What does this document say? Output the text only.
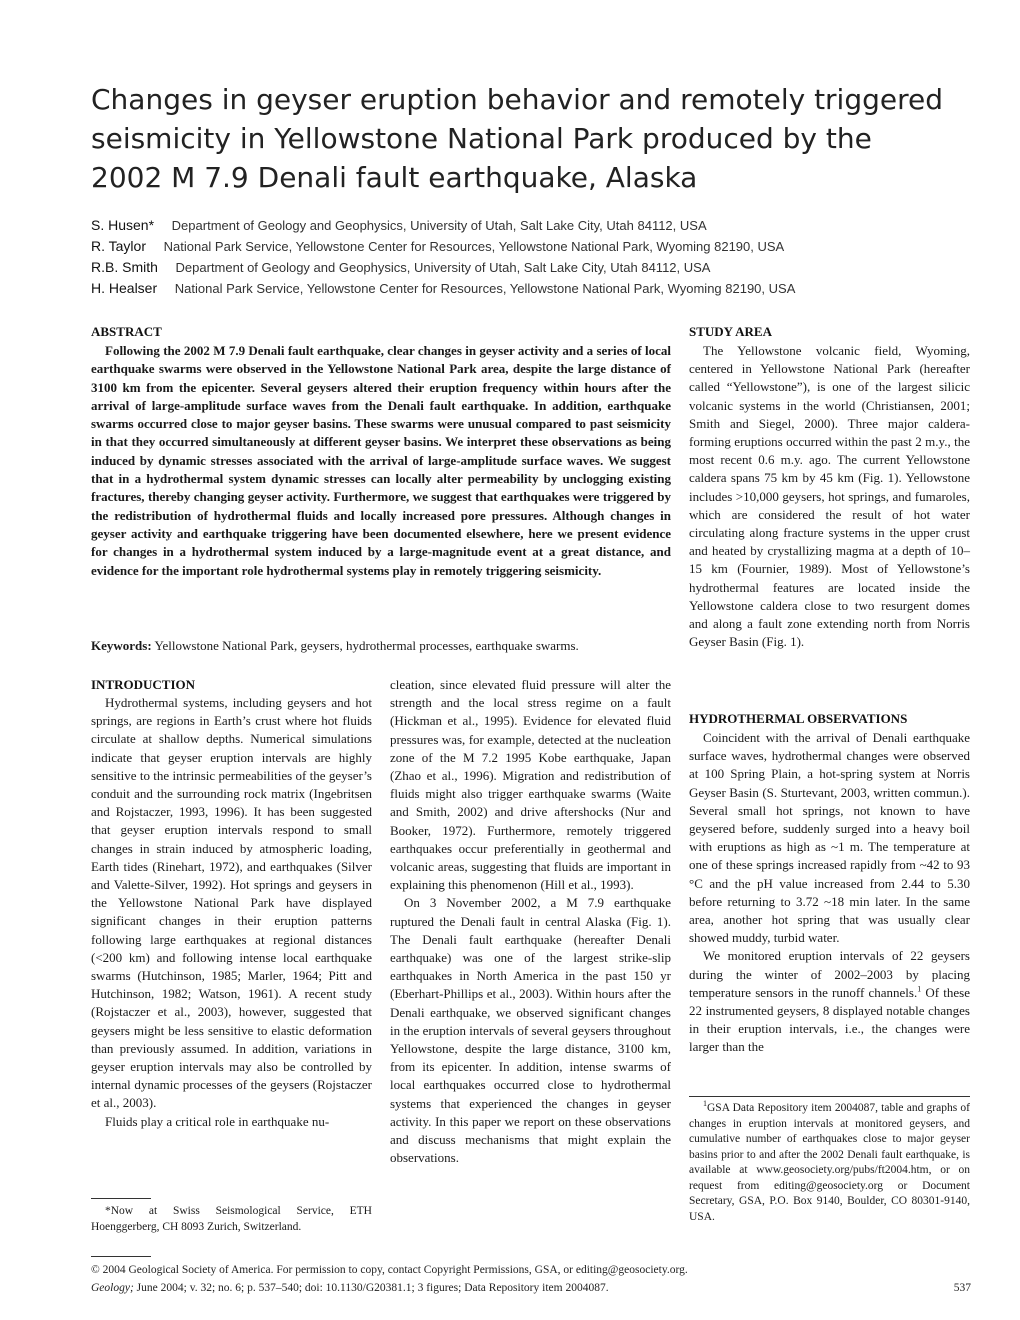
Changes in geyser eruption behavior and remotely triggered seismicity in Yellowstone National Park produced by the 2002 M 7.9 Denali fault earthquake, Alaska
S. Husen* Department of Geology and Geophysics, University of Utah, Salt Lake City, Utah 84112, USA
R. Taylor National Park Service, Yellowstone Center for Resources, Yellowstone National Park, Wyoming 82190, USA
R.B. Smith Department of Geology and Geophysics, University of Utah, Salt Lake City, Utah 84112, USA
H. Healser National Park Service, Yellowstone Center for Resources, Yellowstone National Park, Wyoming 82190, USA
ABSTRACT

Following the 2002 M 7.9 Denali fault earthquake, clear changes in geyser activity and a series of local earthquake swarms were observed in the Yellowstone National Park area, despite the large distance of 3100 km from the epicenter. Several geysers altered their eruption frequency within hours after the arrival of large-amplitude surface waves from the Denali fault earthquake. In addition, earthquake swarms occurred close to major geyser basins. These swarms were unusual compared to past seismicity in that they occurred simultaneously at different geyser basins. We interpret these observations as being induced by dynamic stresses associated with the arrival of large-amplitude surface waves. We suggest that in a hydrothermal system dynamic stresses can locally alter permeability by unclogging existing fractures, thereby changing geyser activity. Furthermore, we suggest that earthquakes were triggered by the redistribution of hydrothermal fluids and locally increased pore pressures. Although changes in geyser activity and earthquake triggering have been documented elsewhere, here we present evidence for changes in a hydrothermal system induced by a large-magnitude event at a great distance, and evidence for the important role hydrothermal systems play in remotely triggering seismicity.

Keywords: Yellowstone National Park, geysers, hydrothermal processes, earthquake swarms.

INTRODUCTION

Hydrothermal systems, including geysers and hot springs, are regions in Earth’s crust where hot fluids circulate at shallow depths. Numerical simulations indicate that geyser eruption intervals are highly sensitive to the intrinsic permeabilities of the geyser’s conduit and the surrounding rock matrix (Ingebritsen and Rojstaczer, 1993, 1996). It has been suggested that geyser eruption intervals respond to small changes in strain induced by atmospheric loading, Earth tides (Rinehart, 1972), and earthquakes (Silver and Valette-Silver, 1992). Hot springs and geysers in the Yellowstone National Park have displayed significant changes in their eruption patterns following large earthquakes at regional distances (<200 km) and following intense local earthquake swarms (Hutchinson, 1985; Marler, 1964; Pitt and Hutchinson, 1982; Watson, 1961). A recent study (Rojstaczer et al., 2003), however, suggested that geysers might be less sensitive to elastic deformation than previously assumed. In addition, variations in geyser eruption intervals may also be controlled by internal dynamic processes of the geysers (Rojstaczer et al., 2003).

Fluids play a critical role in earthquake nu-

*Now at Swiss Seismological Service, ETH Hoenggerberg, CH 8093 Zurich, Switzerland.

cleation, since elevated fluid pressure will alter the strength and the local stress regime on a fault (Hickman et al., 1995). Evidence for elevated fluid pressures was, for example, detected at the nucleation zone of the M 7.2 1995 Kobe earthquake, Japan (Zhao et al., 1996). Migration and redistribution of fluids might also trigger earthquake swarms (Waite and Smith, 2002) and drive aftershocks (Nur and Booker, 1972). Furthermore, remotely triggered earthquakes occur preferentially in geothermal and volcanic areas, suggesting that fluids are important in explaining this phenomenon (Hill et al., 1993).

On 3 November 2002, a M 7.9 earthquake ruptured the Denali fault in central Alaska (Fig. 1). The Denali fault earthquake (hereafter Denali earthquake) was one of the largest strike-slip earthquakes in North America in the past 150 yr (Eberhart-Phillips et al., 2003). Within hours after the Denali earthquake, we observed significant changes in the eruption intervals of several geysers throughout Yellowstone, despite the large distance, 3100 km, from its epicenter. In addition, intense swarms of local earthquakes occurred close to hydrothermal systems that experienced the changes in geyser activity. In this paper we report on these observations and discuss mechanisms that might explain the observations.

STUDY AREA

The Yellowstone volcanic field, Wyoming, centered in Yellowstone National Park (hereafter called “Yellowstone”), is one of the largest silicic volcanic systems in the world (Christiansen, 2001; Smith and Siegel, 2000). Three major caldera-forming eruptions occurred within the past 2 m.y., the most recent 0.6 m.y. ago. The current Yellowstone caldera spans 75 km by 45 km (Fig. 1). Yellowstone includes >10,000 geysers, hot springs, and fumaroles, which are considered the result of hot water circulating along fracture systems in the upper crust and heated by crystallizing magma at a depth of 10–15 km (Fournier, 1989). Most of Yellowstone’s hydrothermal features are located inside the Yellowstone caldera close to two resurgent domes and along a fault zone extending north from Norris Geyser Basin (Fig. 1).

HYDROTHERMAL OBSERVATIONS

Coincident with the arrival of Denali earthquake surface waves, hydrothermal changes were observed at 100 Spring Plain, a hot-spring system at Norris Geyser Basin (S. Sturtevant, 2003, written commun.). Several small hot springs, not known to have geysered before, suddenly surged into a heavy boil with eruptions as high as ~1 m. The temperature at one of these springs increased rapidly from ~42 to 93 °C and the pH value increased from 2.44 to 5.30 before returning to 3.72 ~18 min later. In the same area, another hot spring that was usually clear showed muddy, turbid water.

We monitored eruption intervals of 22 geysers during the winter of 2002–2003 by placing temperature sensors in the runoff channels.$^1$ Of these 22 instrumented geysers, 8 displayed notable changes in their eruption intervals, i.e., the changes were larger than the

$^1$GSA Data Repository item 2004087, table and graphs of changes in eruption intervals at monitored geysers, and cumulative number of earthquakes close to major geyser basins prior to and after the 2002 Denali fault earthquake, is available at www.geosociety.org/pubs/ft2004.htm, or on request from editing@geosociety.org or Document Secretary, GSA, P.O. Box 9140, Boulder, CO 80301-9140, USA.

© 2004 Geological Society of America. For permission to copy, contact Copyright Permissions, GSA, or editing@geosociety.org.
Geology; June 2004; v. 32; no. 6; p. 537–540; doi: 10.1130/G20381.1; 3 figures; Data Repository item 2004087.	537
